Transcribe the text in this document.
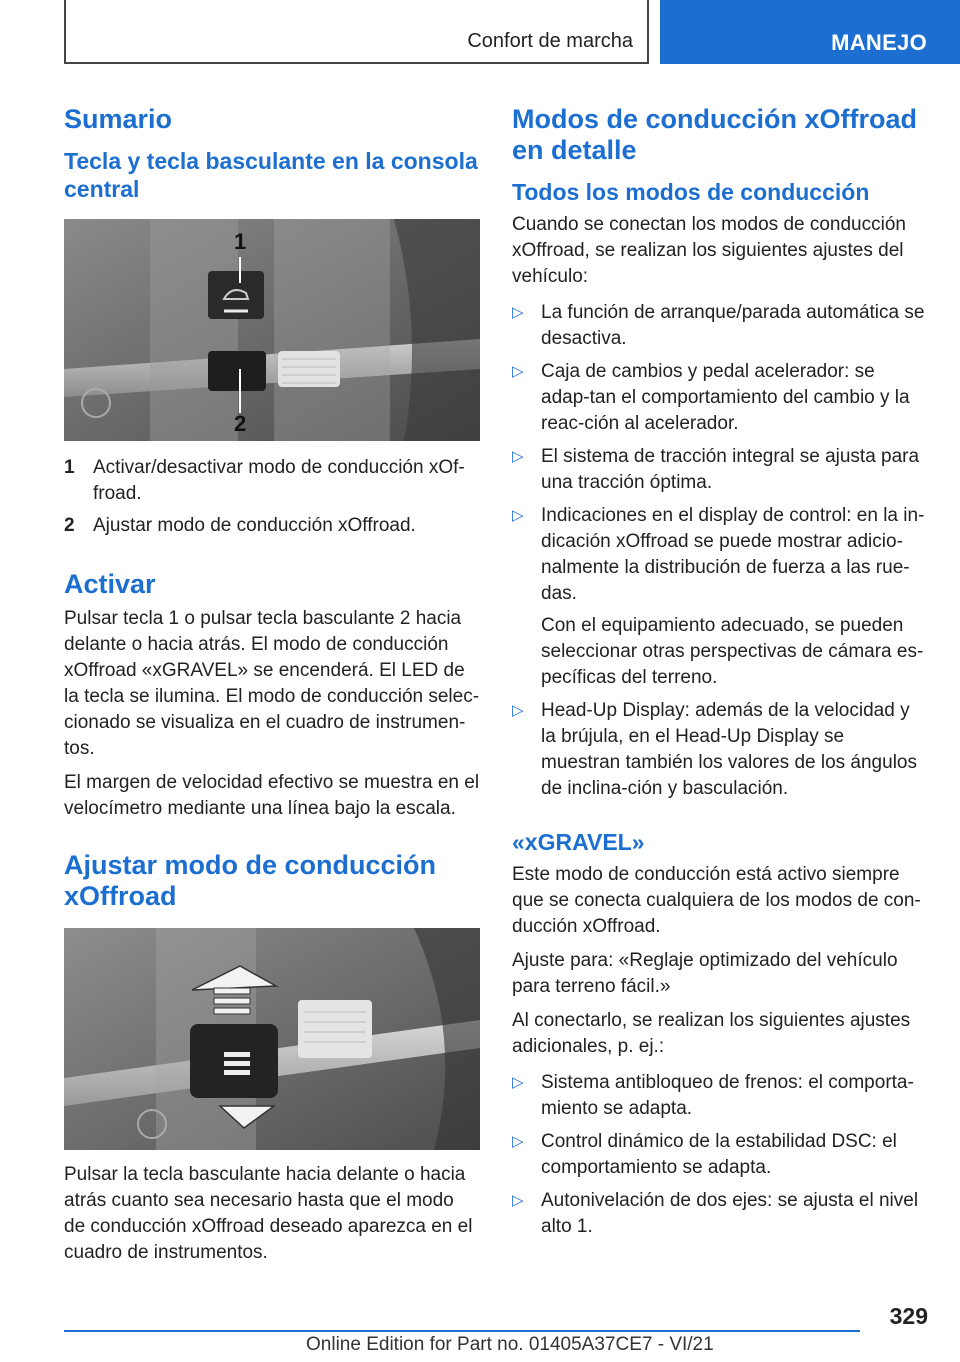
Confort de marcha	MANEJO
Sumario
Tecla y tecla basculante en la consola central
1
2
1 Activar/desactivar modo de conducción xOf-froad.
2 Ajustar modo de conducción xOffroad.
Activar

Pulsar tecla 1 o pulsar tecla basculante 2 hacia delante o hacia atrás. El modo de conducción xOffroad «xGRAVEL» se encenderá. El LED de la tecla se ilumina. El modo de conducción selec-cionado se visualiza en el cuadro de instrumen-tos.

El margen de velocidad efectivo se muestra en el velocímetro mediante una línea bajo la escala.

Ajustar modo de conducción xOffroad

Pulsar la tecla basculante hacia delante o hacia atrás cuanto sea necesario hasta que el modo de conducción xOffroad deseado aparezca en el cuadro de instrumentos.

Modos de conducción xOffroad en detalle
Todos los modos de conducción

Cuando se conectan los modos de conducción xOffroad, se realizan los siguientes ajustes del vehículo:

▷ La función de arranque/parada automática se desactiva.
▷ Caja de cambios y pedal acelerador: se adap-tan el comportamiento del cambio y la reac-ción al acelerador.
▷ El sistema de tracción integral se ajusta para una tracción óptima.
▷ Indicaciones en el display de control: en la in-dicación xOffroad se puede mostrar adicio-nalmente la distribución de fuerza a las rue-das.

Con el equipamiento adecuado, se pueden seleccionar otras perspectivas de cámara es-pecíficas del terreno.

▷ Head-Up Display: además de la velocidad y la brújula, en el Head-Up Display se muestran también los valores de los ángulos de inclina-ción y basculación.
«xGRAVEL»

Este modo de conducción está activo siempre que se conecta cualquiera de los modos de con-ducción xOffroad.

Ajuste para: «Reglaje optimizado del vehículo para terreno fácil.»

Al conectarlo, se realizan los siguientes ajustes adicionales, p. ej.:

▷ Sistema antibloqueo de frenos: el comporta-miento se adapta.
▷ Control dinámico de la estabilidad DSC: el comportamiento se adapta.
▷ Autonivelación de dos ejes: se ajusta el nivel alto 1.
329
Online Edition for Part no. 01405A37CE7 - VI/21
